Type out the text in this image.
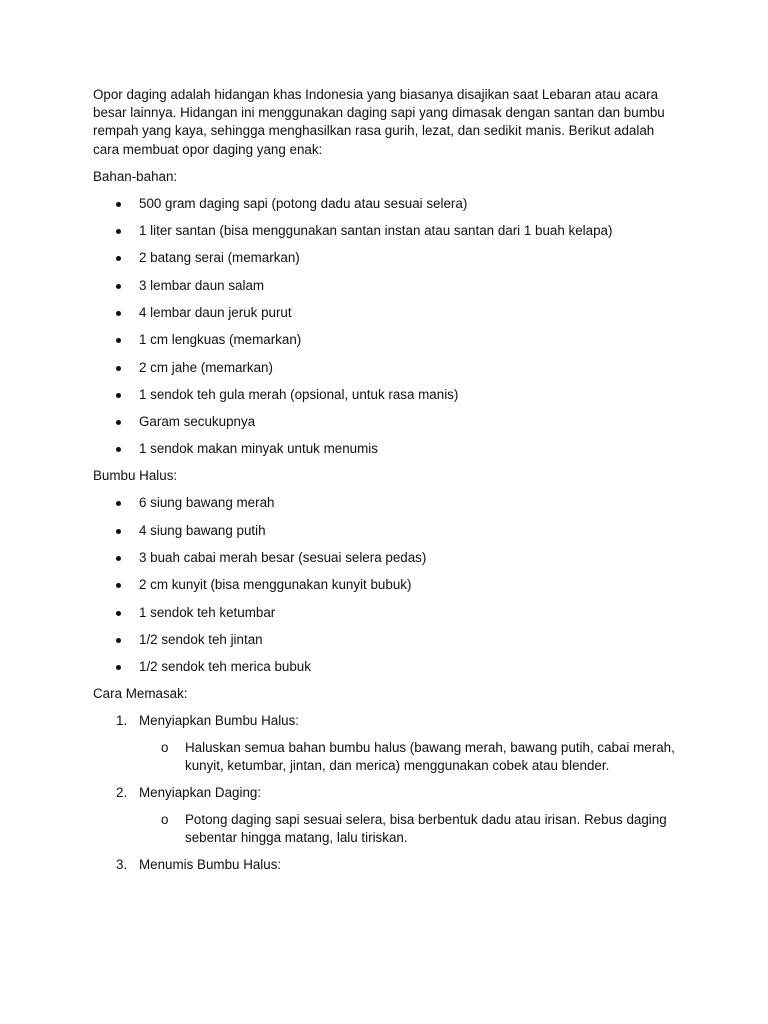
Opor daging adalah hidangan khas Indonesia yang biasanya disajikan saat Lebaran atau acara besar lainnya. Hidangan ini menggunakan daging sapi yang dimasak dengan santan dan bumbu rempah yang kaya, sehingga menghasilkan rasa gurih, lezat, dan sedikit manis. Berikut adalah cara membuat opor daging yang enak:

Bahan-bahan:

500 gram daging sapi (potong dadu atau sesuai selera)
1 liter santan (bisa menggunakan santan instan atau santan dari 1 buah kelapa)
2 batang serai (memarkan)
3 lembar daun salam
4 lembar daun jeruk purut
1 cm lengkuas (memarkan)
2 cm jahe (memarkan)
1 sendok teh gula merah (opsional, untuk rasa manis)
Garam secukupnya
1 sendok makan minyak untuk menumis

Bumbu Halus:

6 siung bawang merah
4 siung bawang putih
3 buah cabai merah besar (sesuai selera pedas)
2 cm kunyit (bisa menggunakan kunyit bubuk)
1 sendok teh ketumbar
1/2 sendok teh jintan
1/2 sendok teh merica bubuk

Cara Memasak:

1. Menyiapkan Bumbu Halus:
o Haluskan semua bahan bumbu halus (bawang merah, bawang putih, cabai merah, kunyit, ketumbar, jintan, dan merica) menggunakan cobek atau blender.
2. Menyiapkan Daging:
o Potong daging sapi sesuai selera, bisa berbentuk dadu atau irisan. Rebus daging sebentar hingga matang, lalu tiriskan.
3. Menumis Bumbu Halus:
